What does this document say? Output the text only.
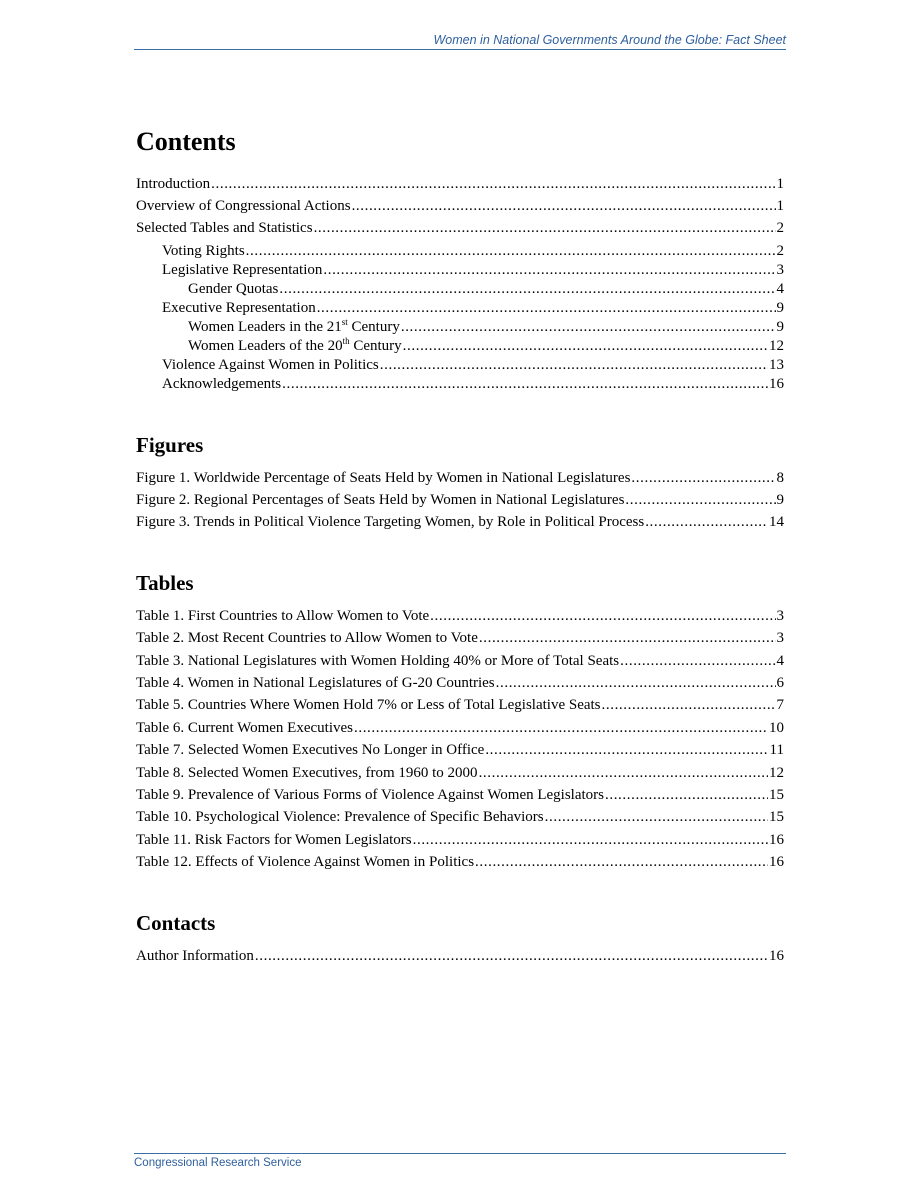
Women in National Governments Around the Globe: Fact Sheet
Contents
Introduction .....	1
Overview of Congressional Actions .....	1
Selected Tables and Statistics .....	2
Voting Rights .....	2
Legislative Representation .....	3
Gender Quotas .....	4
Executive Representation .....	9
Women Leaders in the 21st Century .....	9
Women Leaders of the 20th Century .....	12
Violence Against Women in Politics .....	13
Acknowledgements .....	16
Figures
Figure 1. Worldwide Percentage of Seats Held by Women in National Legislatures .....	8
Figure 2. Regional Percentages of Seats Held by Women in National Legislatures .....	9
Figure 3. Trends in Political Violence Targeting Women, by Role in Political Process .....	14
Tables
Table 1. First Countries to Allow Women to Vote .....	3
Table 2. Most Recent Countries to Allow Women to Vote .....	3
Table 3. National Legislatures with Women Holding 40% or More of Total Seats .....	4
Table 4. Women in National Legislatures of G-20 Countries .....	6
Table 5. Countries Where Women Hold 7% or Less of Total Legislative Seats .....	7
Table 6. Current Women Executives .....	10
Table 7. Selected Women Executives No Longer in Office .....	11
Table 8. Selected Women Executives, from 1960 to 2000 .....	12
Table 9. Prevalence of Various Forms of Violence Against Women Legislators .....	15
Table 10. Psychological Violence: Prevalence of Specific Behaviors .....	15
Table 11. Risk Factors for Women Legislators .....	16
Table 12. Effects of Violence Against Women in Politics .....	16
Contacts
Author Information .....	16
Congressional Research Service
